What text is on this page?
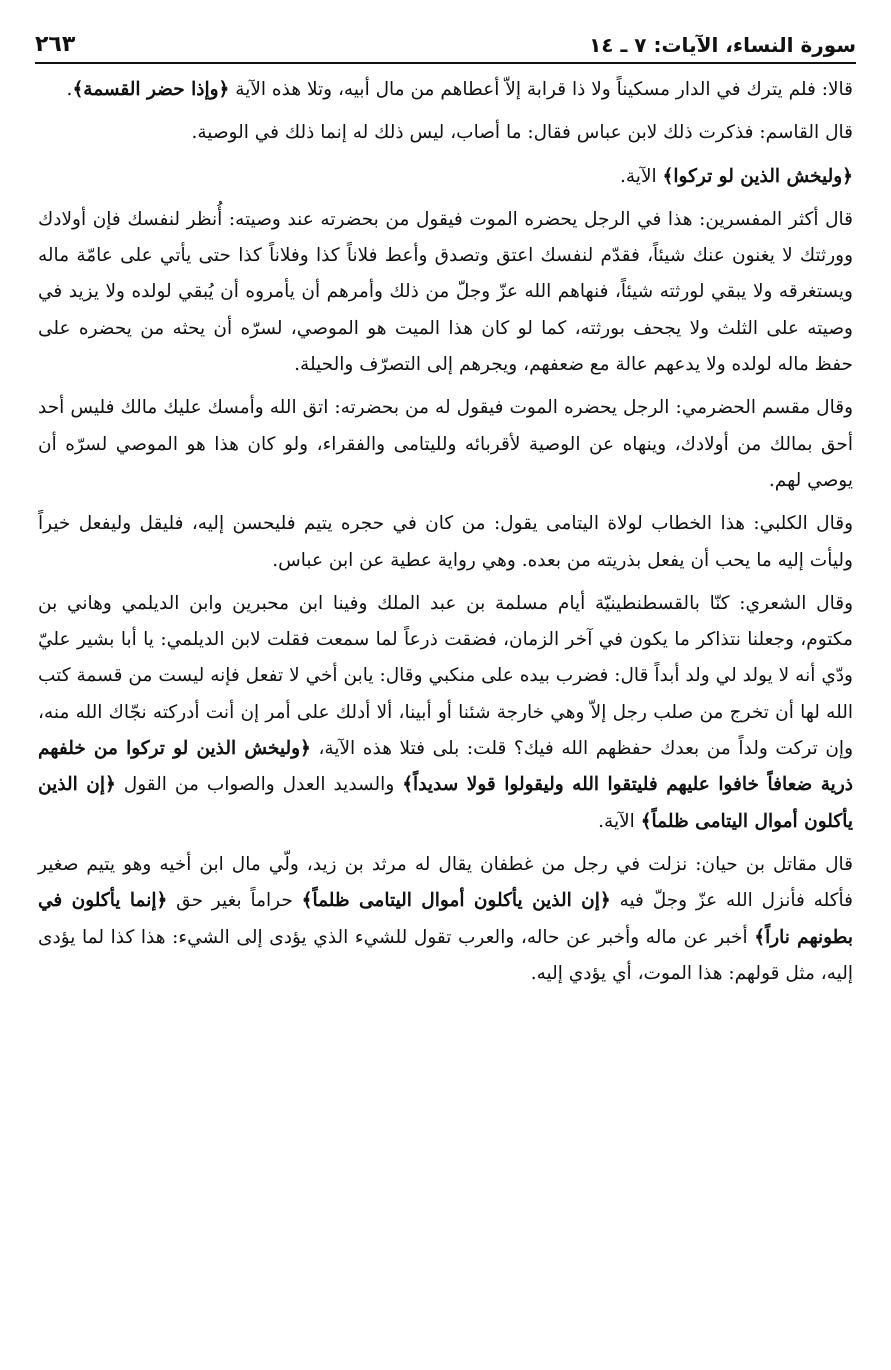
سورة النساء، الآيات: ٧ ـ ١٤
٢٦٣

قالا: فلم يترك في الدار مسكيناً ولا ذا قرابة إلاّ أعطاهم من مال أبيه، وتلا هذه الآية ﴿وإذا حضر القسمة﴾.

قال القاسم: فذكرت ذلك لابن عباس فقال: ما أصاب، ليس ذلك له إنما ذلك في الوصية.

﴿وليخش الذين لو تركوا﴾ الآية.

قال أكثر المفسرين: هذا في الرجل يحضره الموت فيقول من بحضرته عند وصيته: أُنظر لنفسك فإن أولادك وورثتك لا يغنون عنك شيئاً، فقدّم لنفسك اعتق وتصدق وأعط فلاناً كذا وفلاناً كذا حتى يأتي على عامّة ماله ويستغرقه ولا يبقي لورثته شيئاً، فنهاهم الله عزّ وجلّ من ذلك وأمرهم أن يأمروه أن يُبقي لولده ولا يزيد في وصيته على الثلث ولا يجحف بورثته، كما لو كان هذا الميت هو الموصي، لسرّه أن يحثه من يحضره على حفظ ماله لولده ولا يدعهم عالة مع ضعفهم، ويجرهم إلى التصرّف والحيلة.

وقال مقسم الحضرمي: الرجل يحضره الموت فيقول له من بحضرته: اتق الله وأمسك عليك مالك فليس أحد أحق بمالك من أولادك، وينهاه عن الوصية لأقربائه ولليتامى والفقراء، ولو كان هذا هو الموصي لسرّه أن يوصي لهم.

وقال الكلبي: هذا الخطاب لولاة اليتامى يقول: من كان في حجره يتيم فليحسن إليه، فليقل وليفعل خيراً وليأت إليه ما يحب أن يفعل بذريته من بعده. وهي رواية عطية عن ابن عباس.

وقال الشعري: كنّا بالقسطنطينيّة أيام مسلمة بن عبد الملك وفينا ابن محبرين وابن الديلمي وهاني بن مكتوم، وجعلنا نتذاكر ما يكون في آخر الزمان، فضقت ذرعاً لما سمعت فقلت لابن الديلمي: يا أبا بشير عليّ ودّي أنه لا يولد لي ولد أبداً قال: فضرب بيده على منكبي وقال: يابن أخي لا تفعل فإنه ليست من قسمة كتب الله لها أن تخرج من صلب رجل إلاّ وهي خارجة شئنا أو أبينا، ألا أدلك على أمر إن أنت أدركته نجّاك الله منه، وإن تركت ولداً من بعدك حفظهم الله فيك؟ قلت: بلى فتلا هذه الآية، ﴿وليخش الذين لو تركوا من خلفهم ذرية ضعافاً خافوا عليهم فليتقوا الله وليقولوا قولا سديداً﴾ والسديد العدل والصواب من القول ﴿إن الذين يأكلون أموال اليتامى ظلماً﴾ الآية.

قال مقاتل بن حيان: نزلت في رجل من غطفان يقال له مرثد بن زيد، ولّي مال ابن أخيه وهو يتيم صغير فأكله فأنزل الله عزّ وجلّ فيه ﴿إن الذين يأكلون أموال اليتامى ظلماً﴾ حراماً بغير حق ﴿إنما يأكلون في بطونهم ناراً﴾ أخبر عن ماله وأخبر عن حاله، والعرب تقول للشيء الذي يؤدى إلى الشيء: هذا كذا لما يؤدى إليه، مثل قولهم: هذا الموت، أي يؤدي إليه.
